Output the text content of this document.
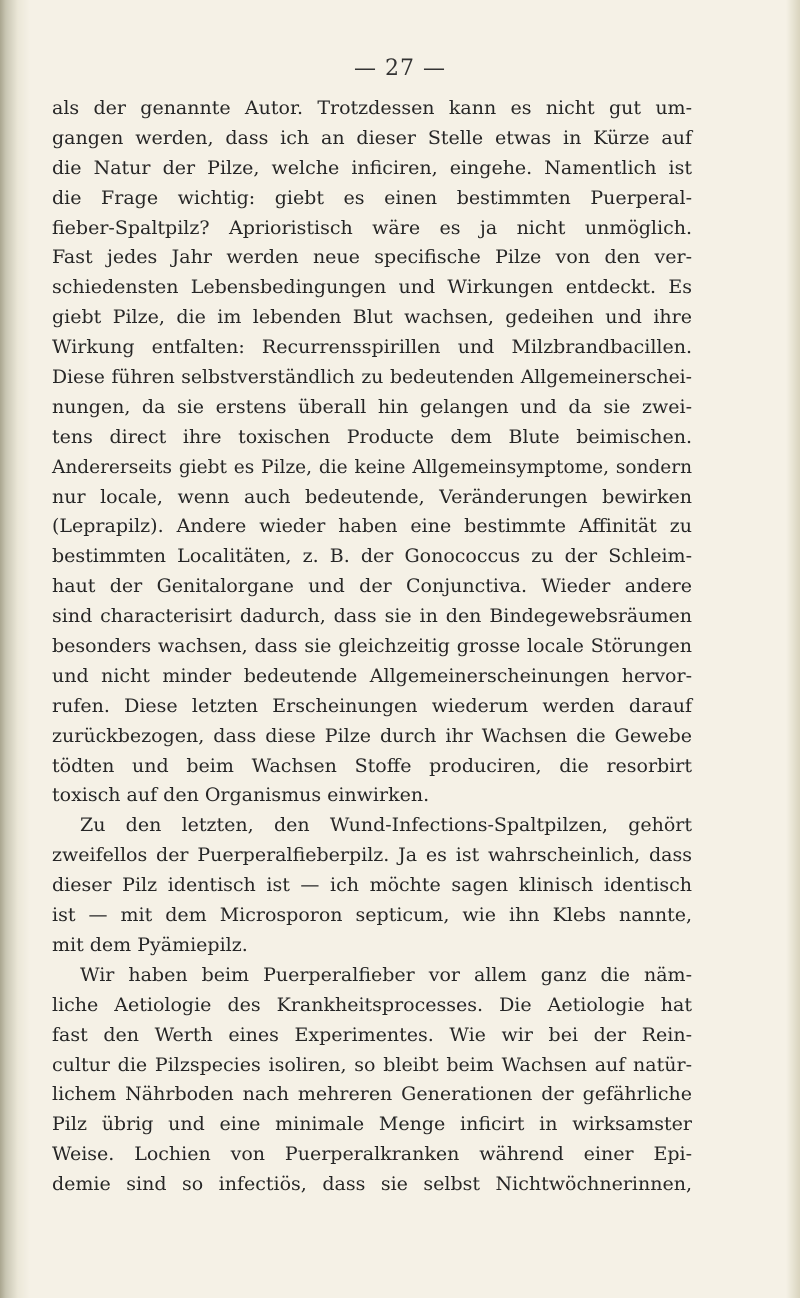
— 27 —

als der genannte Autor. Trotzdessen kann es nicht gut um-
gangen werden, dass ich an dieser Stelle etwas in Kürze auf
die Natur der Pilze, welche inficiren, eingehe. Namentlich ist
die Frage wichtig: giebt es einen bestimmten Puerperal-
fieber-Spaltpilz? Aprioristisch wäre es ja nicht unmöglich.
Fast jedes Jahr werden neue specifische Pilze von den ver-
schiedensten Lebensbedingungen und Wirkungen entdeckt. Es
giebt Pilze, die im lebenden Blut wachsen, gedeihen und ihre
Wirkung entfalten: Recurrensspirillen und Milzbrandbacillen.
Diese führen selbstverständlich zu bedeutenden Allgemeinerschei-
nungen, da sie erstens überall hin gelangen und da sie zwei-
tens direct ihre toxischen Producte dem Blute beimischen.
Andererseits giebt es Pilze, die keine Allgemeinsymptome, sondern
nur locale, wenn auch bedeutende, Veränderungen bewirken
(Leprapilz). Andere wieder haben eine bestimmte Affinität zu
bestimmten Localitäten, z. B. der Gonococcus zu der Schleim-
haut der Genitalorgane und der Conjunctiva. Wieder andere
sind characterisirt dadurch, dass sie in den Bindegewebsräumen
besonders wachsen, dass sie gleichzeitig grosse locale Störungen
und nicht minder bedeutende Allgemeinerscheinungen hervor-
rufen. Diese letzten Erscheinungen wiederum werden darauf
zurückbezogen, dass diese Pilze durch ihr Wachsen die Gewebe
tödten und beim Wachsen Stoffe produciren, die resorbirt
toxisch auf den Organismus einwirken.
Zu den letzten, den Wund-Infections-Spaltpilzen, gehört
zweifellos der Puerperalfieberpilz. Ja es ist wahrscheinlich, dass
dieser Pilz identisch ist — ich möchte sagen klinisch identisch
ist — mit dem Microsporon septicum, wie ihn Klebs nannte,
mit dem Pyämiepilz.
Wir haben beim Puerperalfieber vor allem ganz die näm-
liche Aetiologie des Krankheitsprocesses. Die Aetiologie hat
fast den Werth eines Experimentes. Wie wir bei der Rein-
cultur die Pilzspecies isoliren, so bleibt beim Wachsen auf natür-
lichem Nährboden nach mehreren Generationen der gefährliche
Pilz übrig und eine minimale Menge inficirt in wirksamster
Weise. Lochien von Puerperalkranken während einer Epi-
demie sind so infectiös, dass sie selbst Nichtwöchnerinnen,
